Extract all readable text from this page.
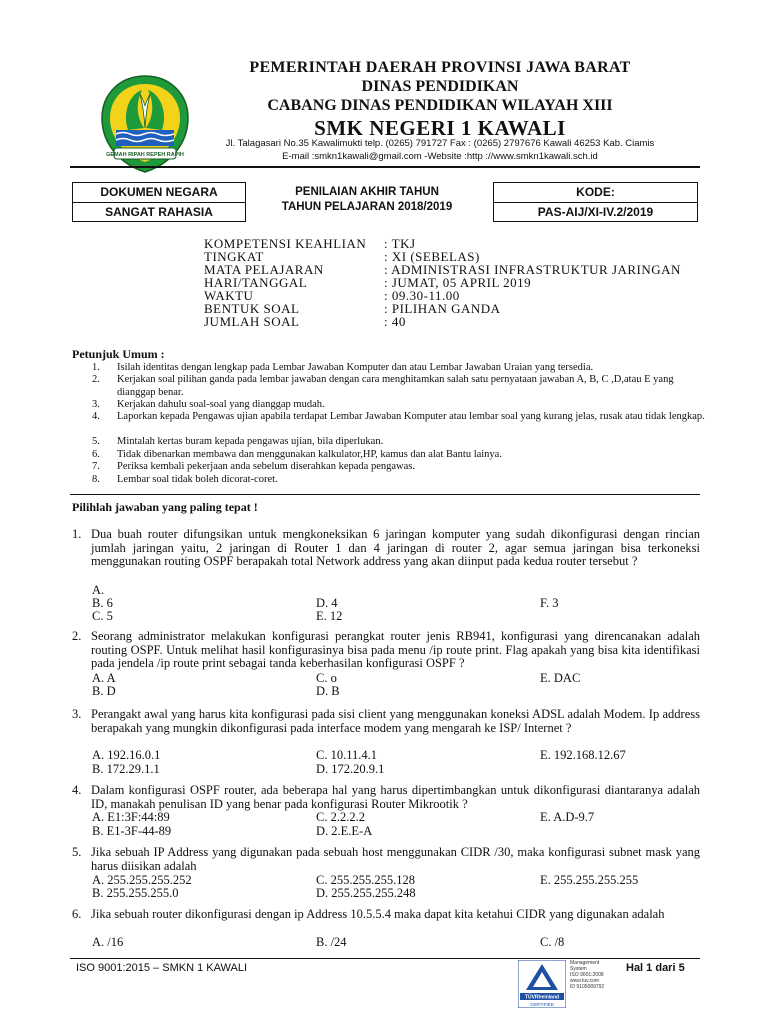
GEMAH RIPAH REPEH RAPIH
PEMERINTAH DAERAH PROVINSI JAWA BARAT
DINAS PENDIDIKAN
CABANG DINAS PENDIDIKAN WILAYAH XIII
SMK NEGERI 1 KAWALI
Jl. Talagasari No.35 Kawalimukti telp. (0265) 791727 Fax : (0265) 2797676 Kawali 46253 Kab. Ciamis
E-mail :smkn1kawali@gmail.com -Website :http ://www.smkn1kawali.sch.id
DOKUMEN NEGARA
SANGAT RAHASIA
PENILAIAN AKHIR TAHUN
TAHUN PELAJARAN 2018/2019
KODE:
PAS-AIJ/XI-IV.2/2019
KOMPETENSI KEAHLIAN : TKJ
TINGKAT	: XI (SEBELAS)
MATA PELAJARAN	: ADMINISTRASI INFRASTRUKTUR JARINGAN
HARI/TANGGAL	: JUMAT, 05 APRIL 2019
WAKTU	: 09.30-11.00
BENTUK SOAL	: PILIHAN GANDA
JUMLAH SOAL	: 40
Petunjuk Umum :
1. Isilah identitas dengan lengkap pada Lembar Jawaban Komputer dan atau Lembar Jawaban Uraian yang tersedia.
2. Kerjakan soal pilihan ganda pada lembar jawaban dengan cara menghitamkan salah satu pernyataan jawaban A, B, C ,D,atau E yang dianggap benar.
3. Kerjakan dahulu soal-soal yang dianggap mudah.
4. Laporkan kepada Pengawas ujian apabila terdapat Lembar Jawaban Komputer atau lembar soal yang kurang jelas, rusak atau tidak lengkap.
5. Mintalah kertas buram kepada pengawas ujian, bila diperlukan.
6. Tidak dibenarkan membawa dan menggunakan kalkulator,HP, kamus dan alat Bantu lainya.
7. Periksa kembali pekerjaan anda sebelum diserahkan kepada pengawas.
8. Lembar soal tidak boleh dicorat-coret.
Pilihlah jawaban yang paling tepat !
1. Dua buah router difungsikan untuk mengkoneksikan 6 jaringan komputer yang sudah dikonfigurasi dengan rincian jumlah jaringan yaitu, 2 jaringan di Router 1 dan 4 jaringan di router 2, agar semua jaringan bisa terkoneksi menggunakan routing OSPF berapakah total Network address yang akan diinput pada kedua router tersebut ?
A.
B. 6
C. 5
D. 4
E. 12
F. 3
2. Seorang administrator melakukan konfigurasi perangkat router jenis RB941, konfigurasi yang direncanakan adalah routing OSPF. Untuk melihat hasil konfigurasinya bisa pada menu /ip route print. Flag apakah yang bisa kita identifikasi pada jendela /ip route print sebagai tanda keberhasilan konfigurasi OSPF ?
A. A
B. D
C. o
D. B
E. DAC
3. Perangakt awal yang harus kita konfigurasi pada sisi client yang menggunakan koneksi ADSL adalah Modem. Ip address berapakah yang mungkin dikonfigurasi pada interface modem yang mengarah ke ISP/ Internet ?
A. 192.16.0.1
B. 172.29.1.1
C. 10.11.4.1
D. 172.20.9.1
E. 192.168.12.67
4. Dalam konfigurasi OSPF router, ada beberapa hal yang harus dipertimbangkan untuk dikonfigurasi diantaranya adalah ID, manakah penulisan ID yang benar pada konfigurasi Router Mikrootik ?
A. E1:3F:44:89
B. E1-3F-44-89
C. 2.2.2.2
D. 2.E.E-A
E. A.D-9.7
5. Jika sebuah IP Address yang digunakan pada sebuah host menggunakan CIDR /30, maka konfigurasi subnet mask yang harus diisikan adalah
A. 255.255.255.252
B. 255.255.255.0
C. 255.255.255.128
D. 255.255.255.248
E. 255.255.255.255
6. Jika sebuah router dikonfigurasi dengan ip Address 10.5.5.4 maka dapat kita ketahui CIDR yang digunakan adalah
A. /16	B. /24	C. /8
ISO 9001:2015 – SMKN 1 KAWALI
TÜVRheinland
CERTIFIED
Management
System
ISO 9001:2008
www.tuv.com
ID 9105089792
Hal 1 dari 5
